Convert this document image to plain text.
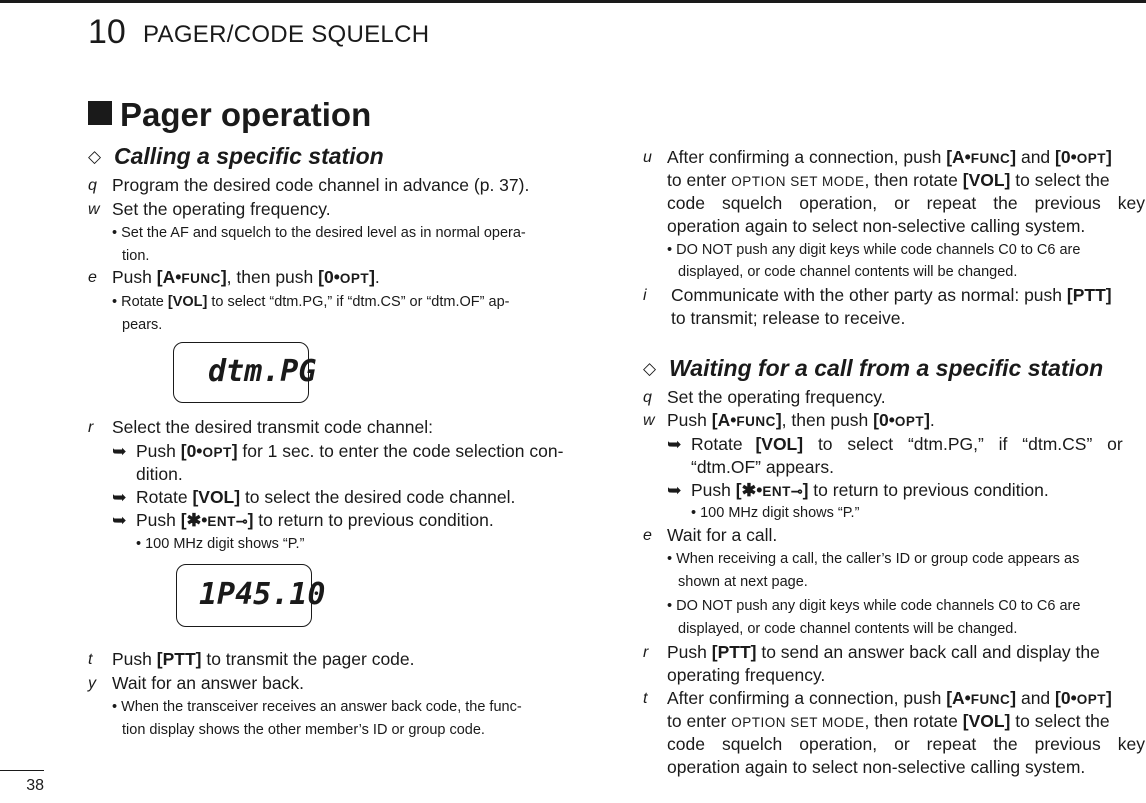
10 PAGER/CODE SQUELCH
Pager operation
◇ Calling a specific station
q Program the desired code channel in advance (p. 37).
w Set the operating frequency.
• Set the AF and squelch to the desired level as in normal opera-
tion.
e Push [A•FUNC], then push [0•OPT].
• Rotate [VOL] to select “dtm.PG,” if “dtm.CS” or “dtm.OF” ap-
pears.
dtm.PG
r Select the desired transmit code channel:
➥ Push [0•OPT] for 1 sec. to enter the code selection con-
dition.
➥ Rotate [VOL] to select the desired code channel.
➥ Push [✱•ENT⊸] to return to previous condition.
• 100 MHz digit shows “P.”
1P45.10
t Push [PTT] to transmit the pager code.
y Wait for an answer back.
• When the transceiver receives an answer back code, the func-
tion display shows the other member’s ID or group code.
u After confirming a connection, push [A•FUNC] and [0•OPT]
to enter OPTION SET MODE, then rotate [VOL] to select the
code squelch operation, or repeat the previous key
operation again to select non-selective calling system.
• DO NOT push any digit keys while code channels C0 to C6 are
displayed, or code channel contents will be changed.
i Communicate with the other party as normal: push [PTT]
to transmit; release to receive.
◇ Waiting for a call from a specific station
q Set the operating frequency.
w Push [A•FUNC], then push [0•OPT].
➥ Rotate [VOL] to select “dtm.PG,” if “dtm.CS” or
“dtm.OF” appears.
➥ Push [✱•ENT⊸] to return to previous condition.
• 100 MHz digit shows “P.”
e Wait for a call.
• When receiving a call, the caller’s ID or group code appears as
shown at next page.
• DO NOT push any digit keys while code channels C0 to C6 are
displayed, or code channel contents will be changed.
r Push [PTT] to send an answer back call and display the
operating frequency.
t After confirming a connection, push [A•FUNC] and [0•OPT]
to enter OPTION SET MODE, then rotate [VOL] to select the
code squelch operation, or repeat the previous key
operation again to select non-selective calling system.
38
